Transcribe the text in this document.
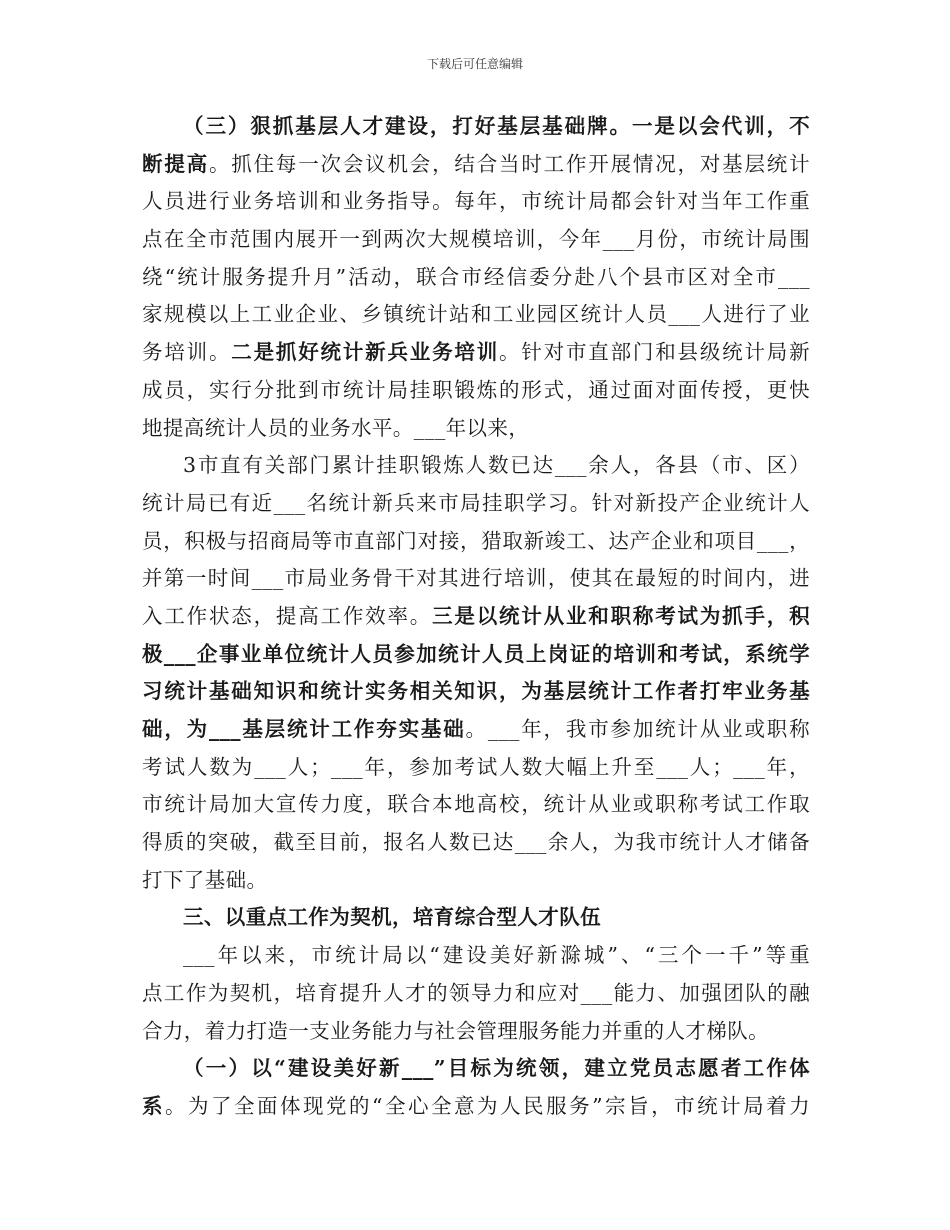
下载后可任意编辑
（三）狠抓基层人才建设，打好基层基础牌。一是以会代训，不
断提高。抓住每一次会议机会，结合当时工作开展情况，对基层统计
人员进行业务培训和业务指导。每年，市统计局都会针对当年工作重
点在全市范围内展开一到两次大规模培训，今年___月份，市统计局围
绕“统计服务提升月”活动，联合市经信委分赴八个县市区对全市___
家规模以上工业企业、乡镇统计站和工业园区统计人员___人进行了业
务培训。二是抓好统计新兵业务培训。针对市直部门和县级统计局新
成员，实行分批到市统计局挂职锻炼的形式，通过面对面传授，更快
地提高统计人员的业务水平。___年以来，
3市直有关部门累计挂职锻炼人数已达___余人，各县（市、区）
统计局已有近___名统计新兵来市局挂职学习。针对新投产企业统计人
员，积极与招商局等市直部门对接，猎取新竣工、达产企业和项目___，
并第一时间___市局业务骨干对其进行培训，使其在最短的时间内，进
入工作状态，提高工作效率。三是以统计从业和职称考试为抓手，积
极___企事业单位统计人员参加统计人员上岗证的培训和考试，系统学
习统计基础知识和统计实务相关知识，为基层统计工作者打牢业务基
础，为___基层统计工作夯实基础。___年，我市参加统计从业或职称
考试人数为___人；___年，参加考试人数大幅上升至___人；___年，
市统计局加大宣传力度，联合本地高校，统计从业或职称考试工作取
得质的突破，截至目前，报名人数已达___余人，为我市统计人才储备
打下了基础。
三、以重点工作为契机，培育综合型人才队伍
___年以来，市统计局以“建设美好新滁城”、“三个一千”等重
点工作为契机，培育提升人才的领导力和应对___能力、加强团队的融
合力，着力打造一支业务能力与社会管理服务能力并重的人才梯队。
（一）以“建设美好新___”目标为统领，建立党员志愿者工作体
系。为了全面体现党的“全心全意为人民服务”宗旨，市统计局着力
